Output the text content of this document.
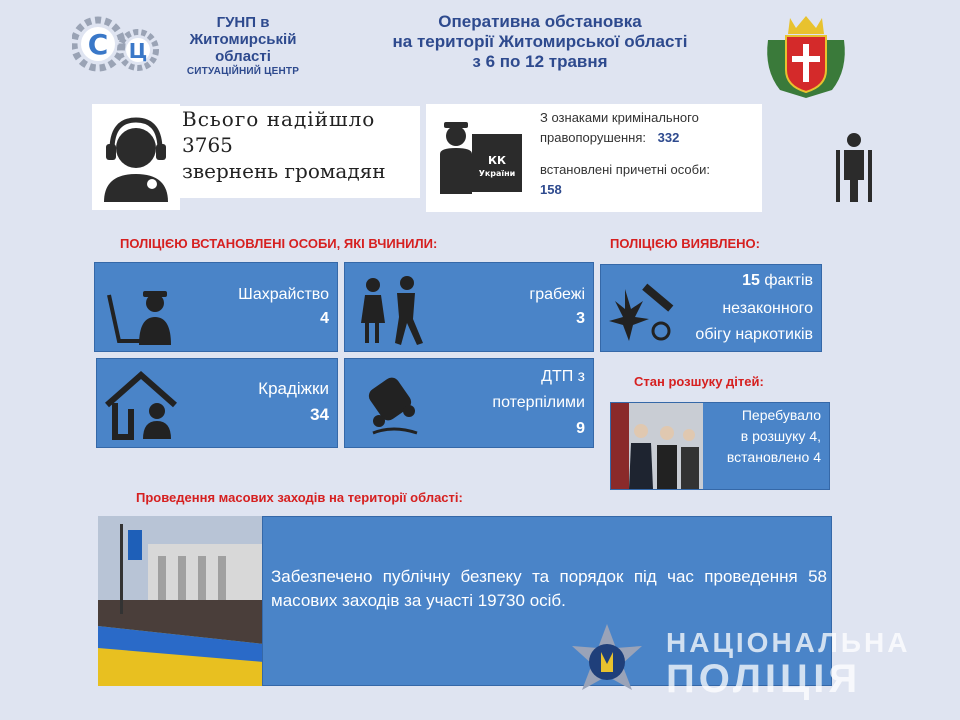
С Ц
ГУНП в
Житомирській
області
СИТУАЦІЙНИЙ ЦЕНТР
Оперативна обстановка
на території Житомирської області
з 6 по 12 травня
Всього надійшло
3765
звернень громадян	КК
України
З ознаками кримінального правопорушення: 332
встановлені причетні особи:
158
ПОЛІЦІЄЮ ВСТАНОВЛЕНІ ОСОБИ, ЯКІ ВЧИНИЛИ:	ПОЛІЦІЄЮ ВИЯВЛЕНО:
Шахрайство
4
грабежі
3
15 фактів
незаконного
обігу наркотиків
Крадіжки
34
ДТП з
потерпілими
9
Стан розшуку дітей:
Перебувало
в розшуку 4,
встановлено 4
Проведення масових заходів на території області:
Забезпечено публічну безпеку та порядок під час проведення 58 масових заходів за участі 19730 осіб.
НАЦІОНАЛЬНА
ПОЛІЦІЯ
